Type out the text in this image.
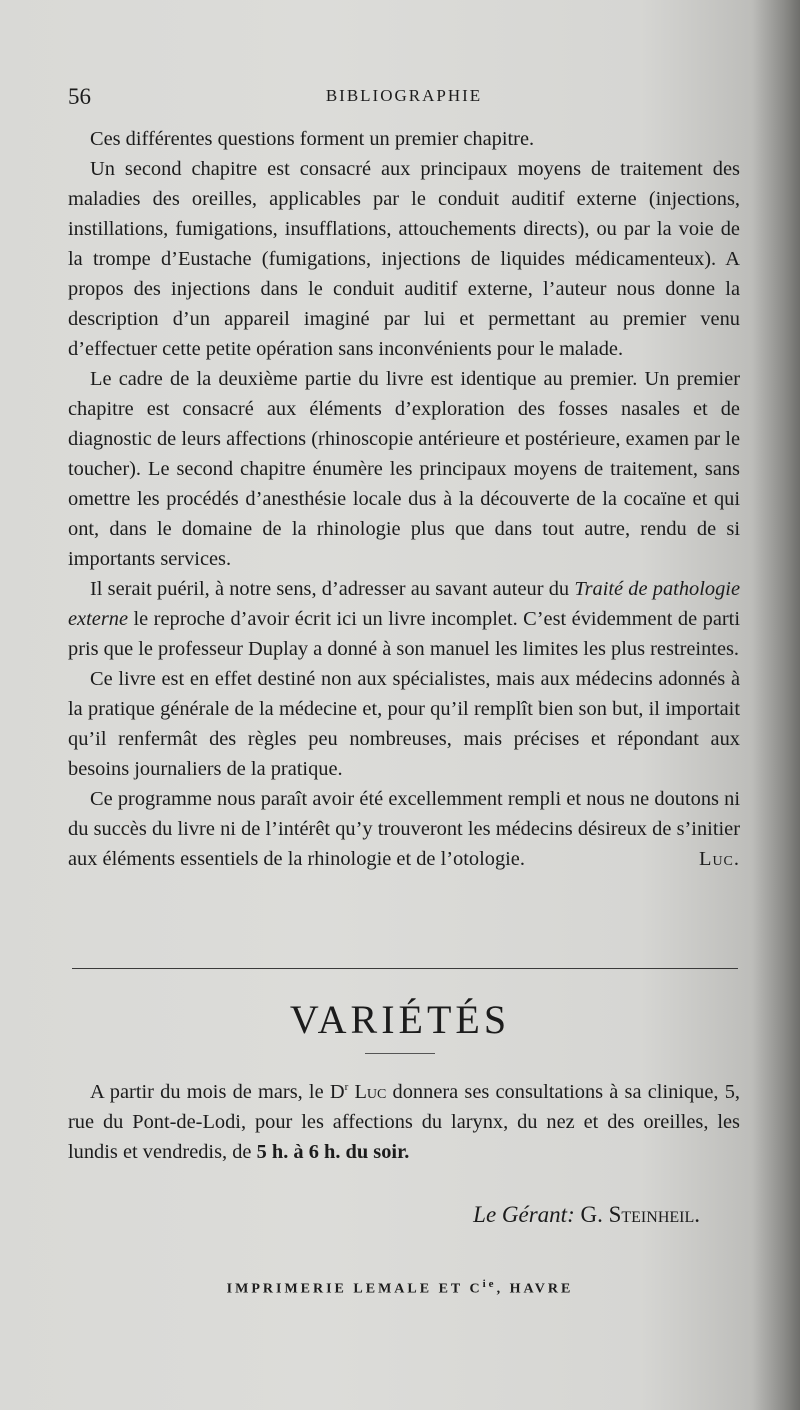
56	BIBLIOGRAPHIE

Ces différentes questions forment un premier chapitre.

Un second chapitre est consacré aux principaux moyens de traitement des maladies des oreilles, applicables par le conduit auditif externe (injections, instillations, fumigations, insufflations, attouchements directs), ou par la voie de la trompe d’Eustache (fumigations, injections de liquides médicamenteux). A propos des injections dans le conduit auditif externe, l’auteur nous donne la description d’un appareil imaginé par lui et permettant au premier venu d’effectuer cette petite opération sans inconvénients pour le malade.

Le cadre de la deuxième partie du livre est identique au premier. Un premier chapitre est consacré aux éléments d’exploration des fosses nasales et de diagnostic de leurs affections (rhinoscopie antérieure et postérieure, examen par le toucher). Le second chapitre énumère les principaux moyens de traitement, sans omettre les procédés d’anesthésie locale dus à la découverte de la cocaïne et qui ont, dans le domaine de la rhinologie plus que dans tout autre, rendu de si importants services.

Il serait puéril, à notre sens, d’adresser au savant auteur du Traité de pathologie externe le reproche d’avoir écrit ici un livre incomplet. C’est évidemment de parti pris que le professeur Duplay a donné à son manuel les limites les plus restreintes.

Ce livre est en effet destiné non aux spécialistes, mais aux médecins adonnés à la pratique générale de la médecine et, pour qu’il remplît bien son but, il importait qu’il renfermât des règles peu nombreuses, mais précises et répondant aux besoins journaliers de la pratique.

Ce programme nous paraît avoir été excellemment rempli et nous ne doutons ni du succès du livre ni de l’intérêt qu’y trouveront les médecins désireux de s’initier aux éléments essentiels de la rhinologie et de l’otologie.	Luc.

VARIÉTÉS

A partir du mois de mars, le $D^r$ Luc donnera ses consultations à sa clinique, 5, rue du Pont-de-Lodi, pour les affections du larynx, du nez et des oreilles, les lundis et vendredis, de 5 h. à 6 h. du soir.

Le Gérant: G. Steinheil.
IMPRIMERIE LEMALE ET $C^{ie}$, HAVRE
